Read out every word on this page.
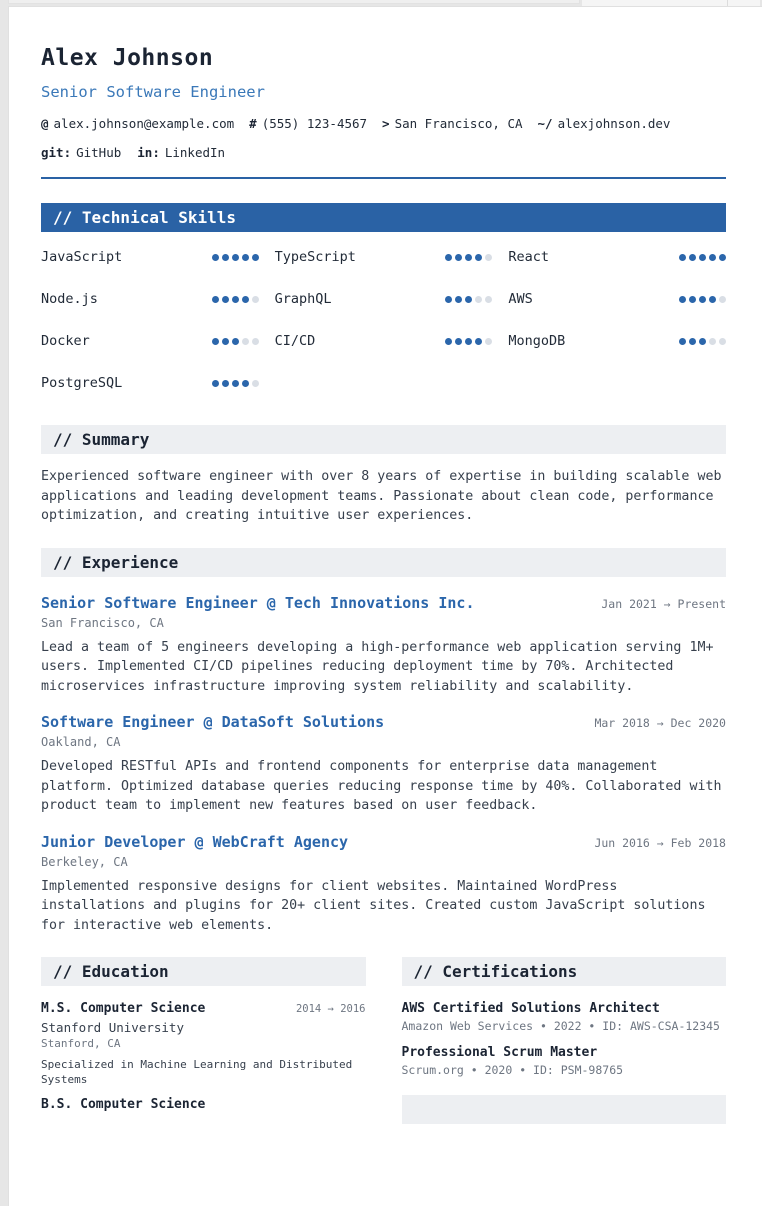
Alex Johnson
Senior Software Engineer
@ alex.johnson@example.com # (555) 123-4567 > San Francisco, CA ~/ alexjohnson.dev
git: GitHub in: LinkedIn
// Technical Skills
JavaScript	TypeScript	React
Node.js	GraphQL	AWS
Docker	CI/CD	MongoDB
PostgreSQL
// Summary

Experienced software engineer with over 8 years of expertise in building scalable web applications and leading development teams. Passionate about clean code, performance optimization, and creating intuitive user experiences.

// Experience
Senior Software Engineer @ Tech Innovations Inc.	Jan 2021 → Present
San Francisco, CA

Lead a team of 5 engineers developing a high-performance web application serving 1M+ users. Implemented CI/CD pipelines reducing deployment time by 70%. Architected microservices infrastructure improving system reliability and scalability.

Software Engineer @ DataSoft Solutions	Mar 2018 → Dec 2020
Oakland, CA

Developed RESTful APIs and frontend components for enterprise data management platform. Optimized database queries reducing response time by 40%. Collaborated with product team to implement new features based on user feedback.

Junior Developer @ WebCraft Agency	Jun 2016 → Feb 2018
Berkeley, CA

Implemented responsive designs for client websites. Maintained WordPress installations and plugins for 20+ client sites. Created custom JavaScript solutions for interactive web elements.

// Education
M.S. Computer Science	2014 → 2016
Stanford University
Stanford, CA
Specialized in Machine Learning and Distributed Systems
B.S. Computer Science
// Certifications
AWS Certified Solutions Architect
Amazon Web Services • 2022 • ID: AWS-CSA-12345
Professional Scrum Master
Scrum.org • 2020 • ID: PSM-98765
